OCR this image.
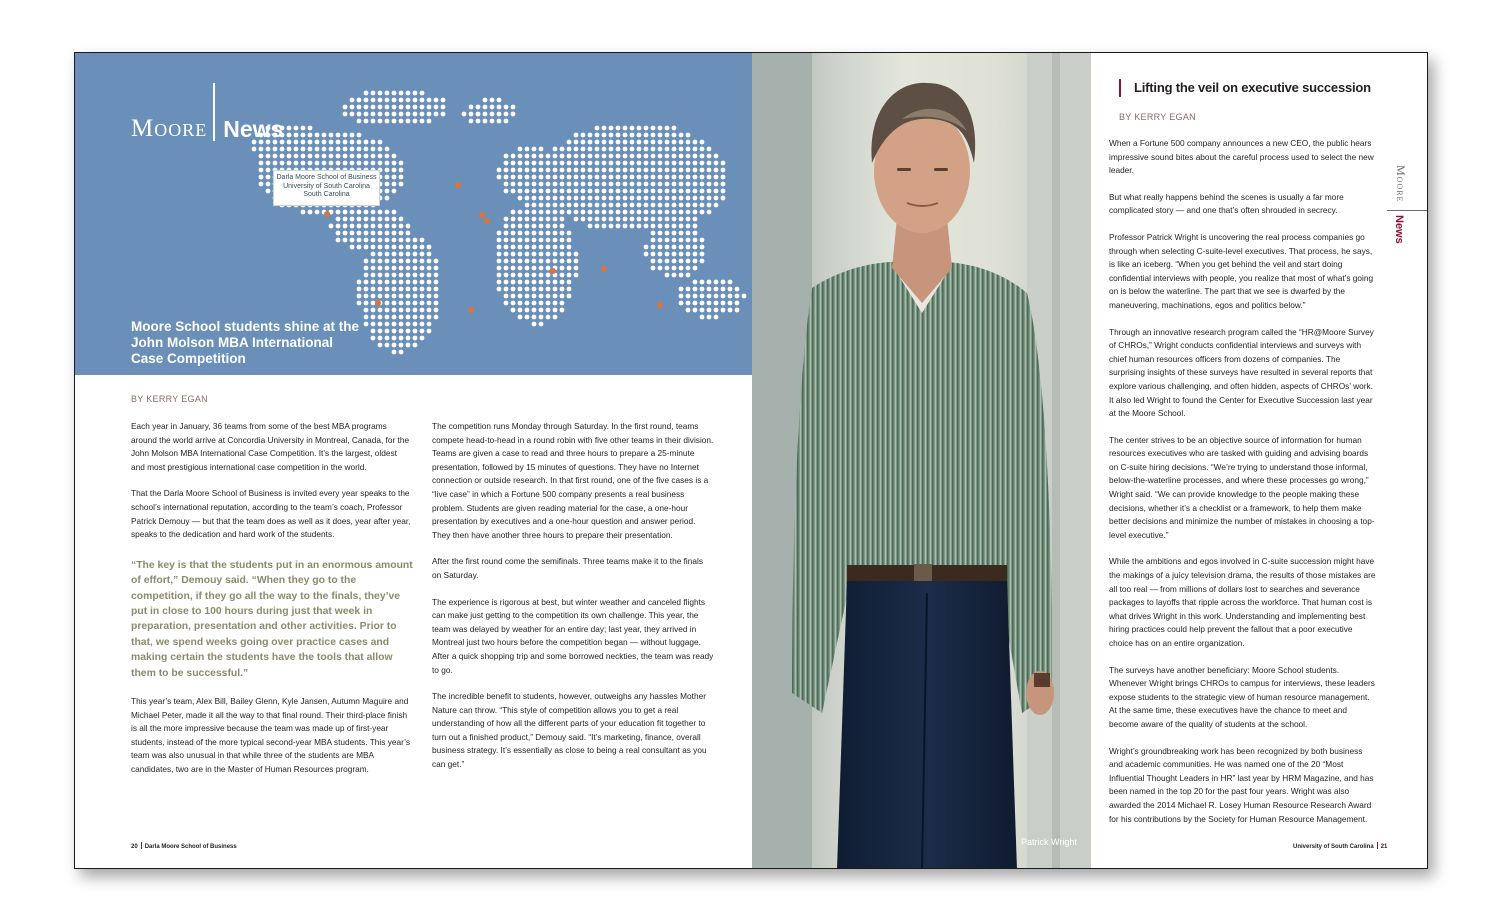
Moore News
Darla Moore School of Business
University of South Carolina
South Carolina
Moore School students shine at the John Molson MBA International Case Competition
BY KERRY EGAN

Each year in January, 36 teams from some of the best MBA programs around the world arrive at Concordia University in Montreal, Canada, for the John Molson MBA International Case Competition. It’s the largest, oldest and most prestigious international case competition in the world.

That the Darla Moore School of Business is invited every year speaks to the school’s international reputation, according to the team’s coach, Professor Patrick Demouy — but that the team does as well as it does, year after year, speaks to the dedication and hard work of the students.

“The key is that the students put in an enormous amount of effort,” Demouy said. “When they go to the competition, if they go all the way to the finals, they’ve put in close to 100 hours during just that week in preparation, presentation and other activities. Prior to that, we spend weeks going over practice cases and making certain the students have the tools that allow them to be successful.”

This year’s team, Alex Bill, Bailey Glenn, Kyle Jansen, Autumn Maguire and Michael Peter, made it all the way to that final round. Their third-place finish is all the more impressive because the team was made up of first-year students, instead of the more typical second-year MBA students. This year’s team was also unusual in that while three of the students are MBA candidates, two are in the Master of Human Resources program.

The competition runs Monday through Saturday. In the first round, teams compete head-to-head in a round robin with five other teams in their division. Teams are given a case to read and three hours to prepare a 25-minute presentation, followed by 15 minutes of questions. They have no Internet connection or outside research. In that first round, one of the five cases is a “live case” in which a Fortune 500 company presents a real business problem. Students are given reading material for the case, a one-hour presentation by executives and a one-hour question and answer period. They then have another three hours to prepare their presentation.

After the first round come the semifinals. Three teams make it to the finals on Saturday.

The experience is rigorous at best, but winter weather and canceled flights can make just getting to the competition its own challenge. This year, the team was delayed by weather for an entire day; last year, they arrived in Montreal just two hours before the competition began — without luggage. After a quick shopping trip and some borrowed neckties, the team was ready to go.

The incredible benefit to students, however, outweighs any hassles Mother Nature can throw. “This style of competition allows you to get a real understanding of how all the different parts of your education fit together to turn out a finished product,” Demouy said. “It’s marketing, finance, overall business strategy. It’s essentially as close to being a real consultant as you can get.”

20 Darla Moore School of Business	Patrick Wright
Lifting the veil on executive succession
BY KERRY EGAN

When a Fortune 500 company announces a new CEO, the public hears impressive sound bites about the careful process used to select the new leader.

But what really happens behind the scenes is usually a far more complicated story — and one that’s often shrouded in secrecy.

Professor Patrick Wright is uncovering the real process companies go through when selecting C-suite-level executives. That process, he says, is like an iceberg. “When you get behind the veil and start doing confidential interviews with people, you realize that most of what’s going on is below the waterline. The part that we see is dwarfed by the maneuvering, machinations, egos and politics below.”

Through an innovative research program called the “HR@Moore Survey of CHROs,” Wright conducts confidential interviews and surveys with chief human resources officers from dozens of companies. The surprising insights of these surveys have resulted in several reports that explore various challenging, and often hidden, aspects of CHROs’ work. It also led Wright to found the Center for Executive Succession last year at the Moore School.

The center strives to be an objective source of information for human resources executives who are tasked with guiding and advising boards on C-suite hiring decisions. “We’re trying to understand those informal, below-the-waterline processes, and where these processes go wrong,” Wright said. “We can provide knowledge to the people making these decisions, whether it’s a checklist or a framework, to help them make better decisions and minimize the number of mistakes in choosing a top-level executive.”

While the ambitions and egos involved in C-suite succession might have the makings of a juicy television drama, the results of those mistakes are all too real — from millions of dollars lost to searches and severance packages to layoffs that ripple across the workforce. That human cost is what drives Wright in this work. Understanding and implementing best hiring practices could help prevent the fallout that a poor executive choice has on an entire organization.

The surveys have another beneficiary: Moore School students. Whenever Wright brings CHROs to campus for interviews, these leaders expose students to the strategic view of human resource management. At the same time, these executives have the chance to meet and become aware of the quality of students at the school.

Wright’s groundbreaking work has been recognized by both business and academic communities. He was named one of the 20 “Most Influential Thought Leaders in HR” last year by HRM Magazine, and has been named in the top 20 for the past four years. Wright was also awarded the 2014 Michael R. Losey Human Resource Research Award for his contributions by the Society for Human Resource Management.

Moore
News
University of South Carolina 21
